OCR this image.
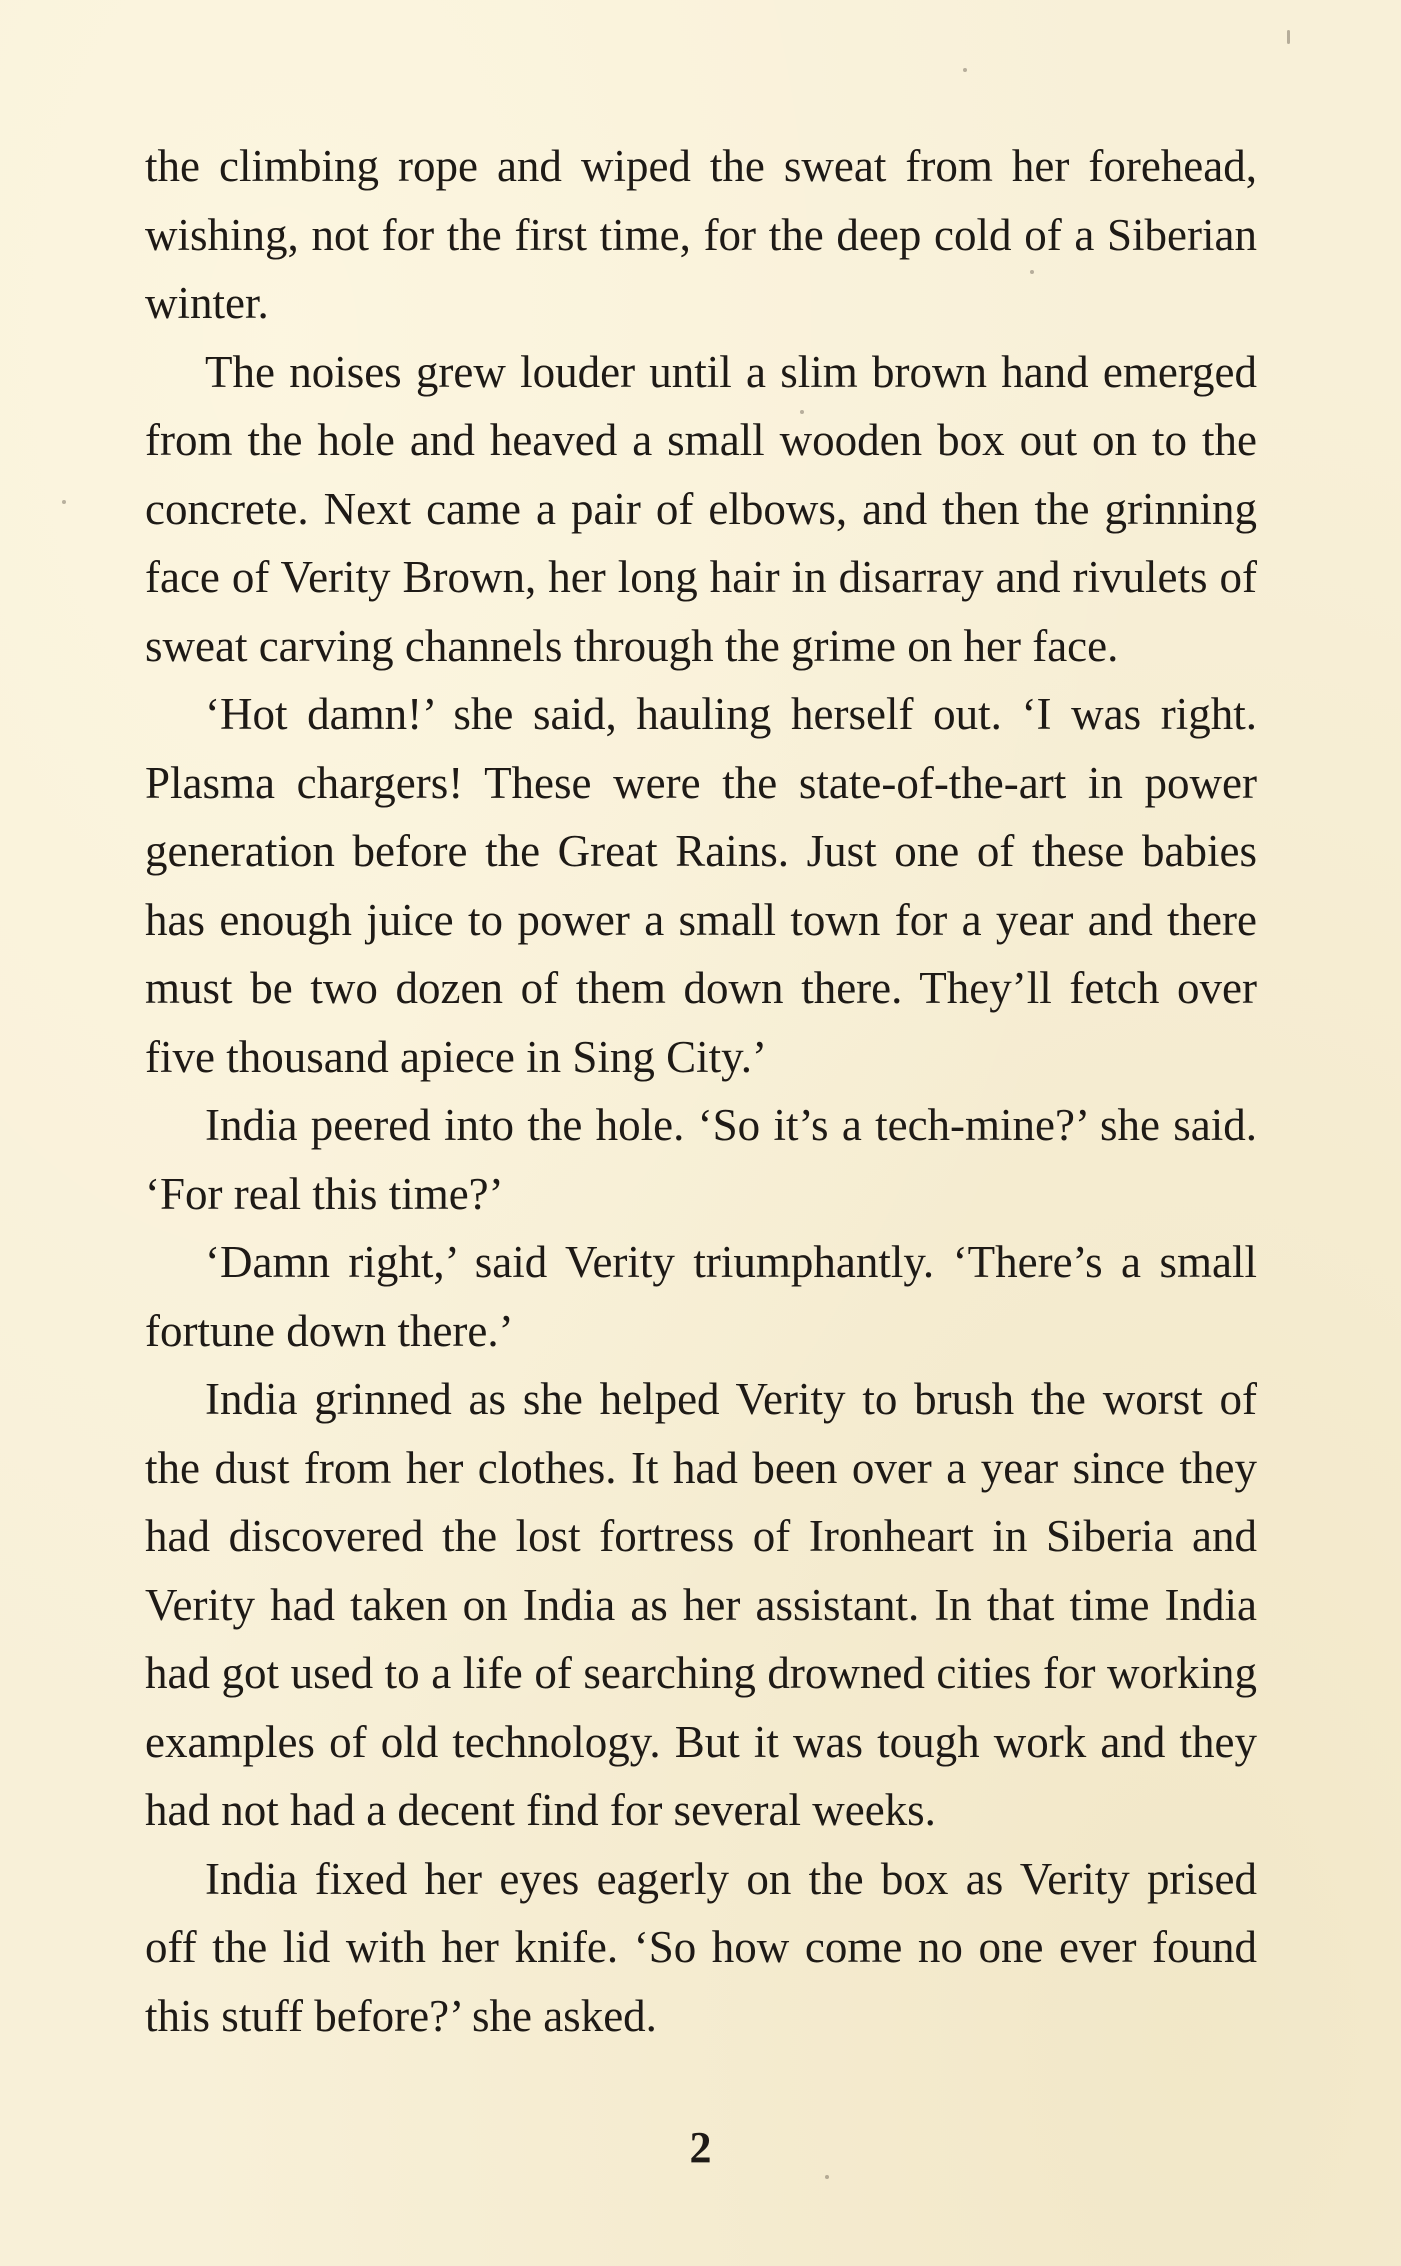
the climbing rope and wiped the sweat from her forehead, wishing, not for the first time, for the deep cold of a Siberian winter.

The noises grew louder until a slim brown hand emerged from the hole and heaved a small wooden box out on to the concrete. Next came a pair of elbows, and then the grinning face of Verity Brown, her long hair in disarray and rivulets of sweat carving channels through the grime on her face.

‘Hot damn!’ she said, hauling herself out. ‘I was right. Plasma chargers! These were the state-of-the-art in power generation before the Great Rains. Just one of these babies has enough juice to power a small town for a year and there must be two dozen of them down there. They’ll fetch over five thousand apiece in Sing City.’

India peered into the hole. ‘So it’s a tech-mine?’ she said. ‘For real this time?’

‘Damn right,’ said Verity triumphantly. ‘There’s a small fortune down there.’

India grinned as she helped Verity to brush the worst of the dust from her clothes. It had been over a year since they had discovered the lost fortress of Ironheart in Siberia and Verity had taken on India as her assistant. In that time India had got used to a life of searching drowned cities for working examples of old technology. But it was tough work and they had not had a decent find for several weeks.

India fixed her eyes eagerly on the box as Verity prised off the lid with her knife. ‘So how come no one ever found this stuff before?’ she asked.

2
